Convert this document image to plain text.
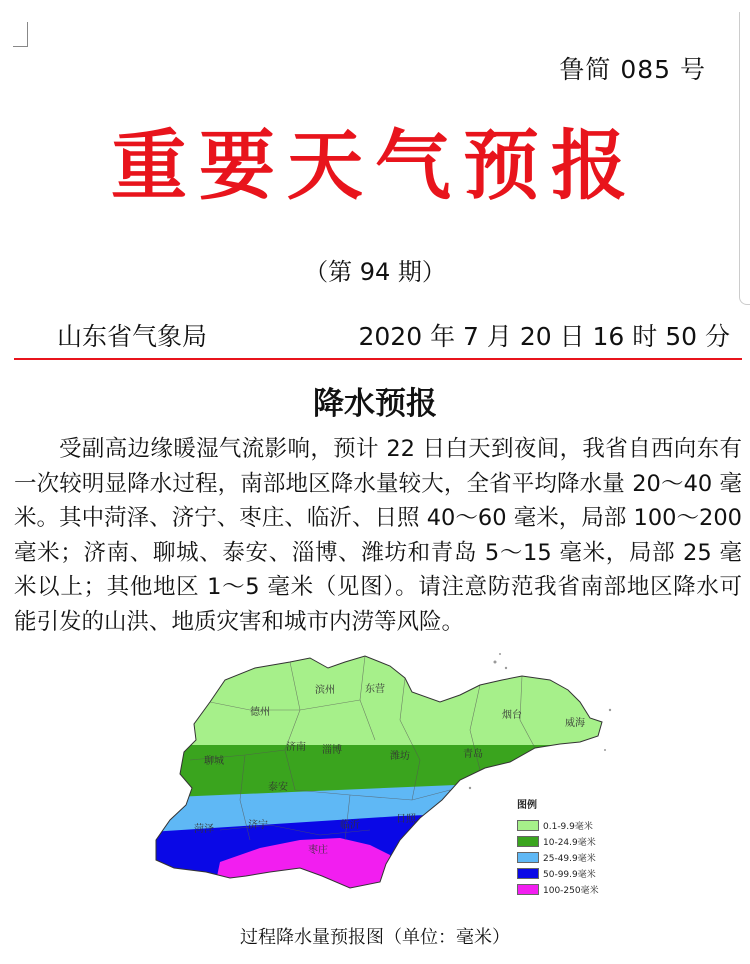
鲁简 085 号
重要天气预报
（第 94 期）
山东省气象局	2020 年 7 月 20 日 16 时 50 分
降水预报

受副高边缘暖湿气流影响，预计 22 日白天到夜间，我省自西向东有一次较明显降水过程，南部地区降水量较大，全省平均降水量 20～40 毫米。其中菏泽、济宁、枣庄、临沂、日照 40～60 毫米，局部 100～200 毫米；济南、聊城、泰安、淄博、潍坊和青岛 5～15 毫米，局部 25 毫米以上；其他地区 1～5 毫米（见图）。请注意防范我省南部地区降水可能引发的山洪、地质灾害和城市内涝等风险。

滨州	东营
德州	烟台
威海
济南 淄博
聊城	潍坊	青岛
泰安
菏泽	济宁	临沂
日照
枣庄
图例
0.1-9.9毫米
10-24.9毫米
25-49.9毫米
50-99.9毫米
100-250毫米
过程降水量预报图（单位：毫米）
